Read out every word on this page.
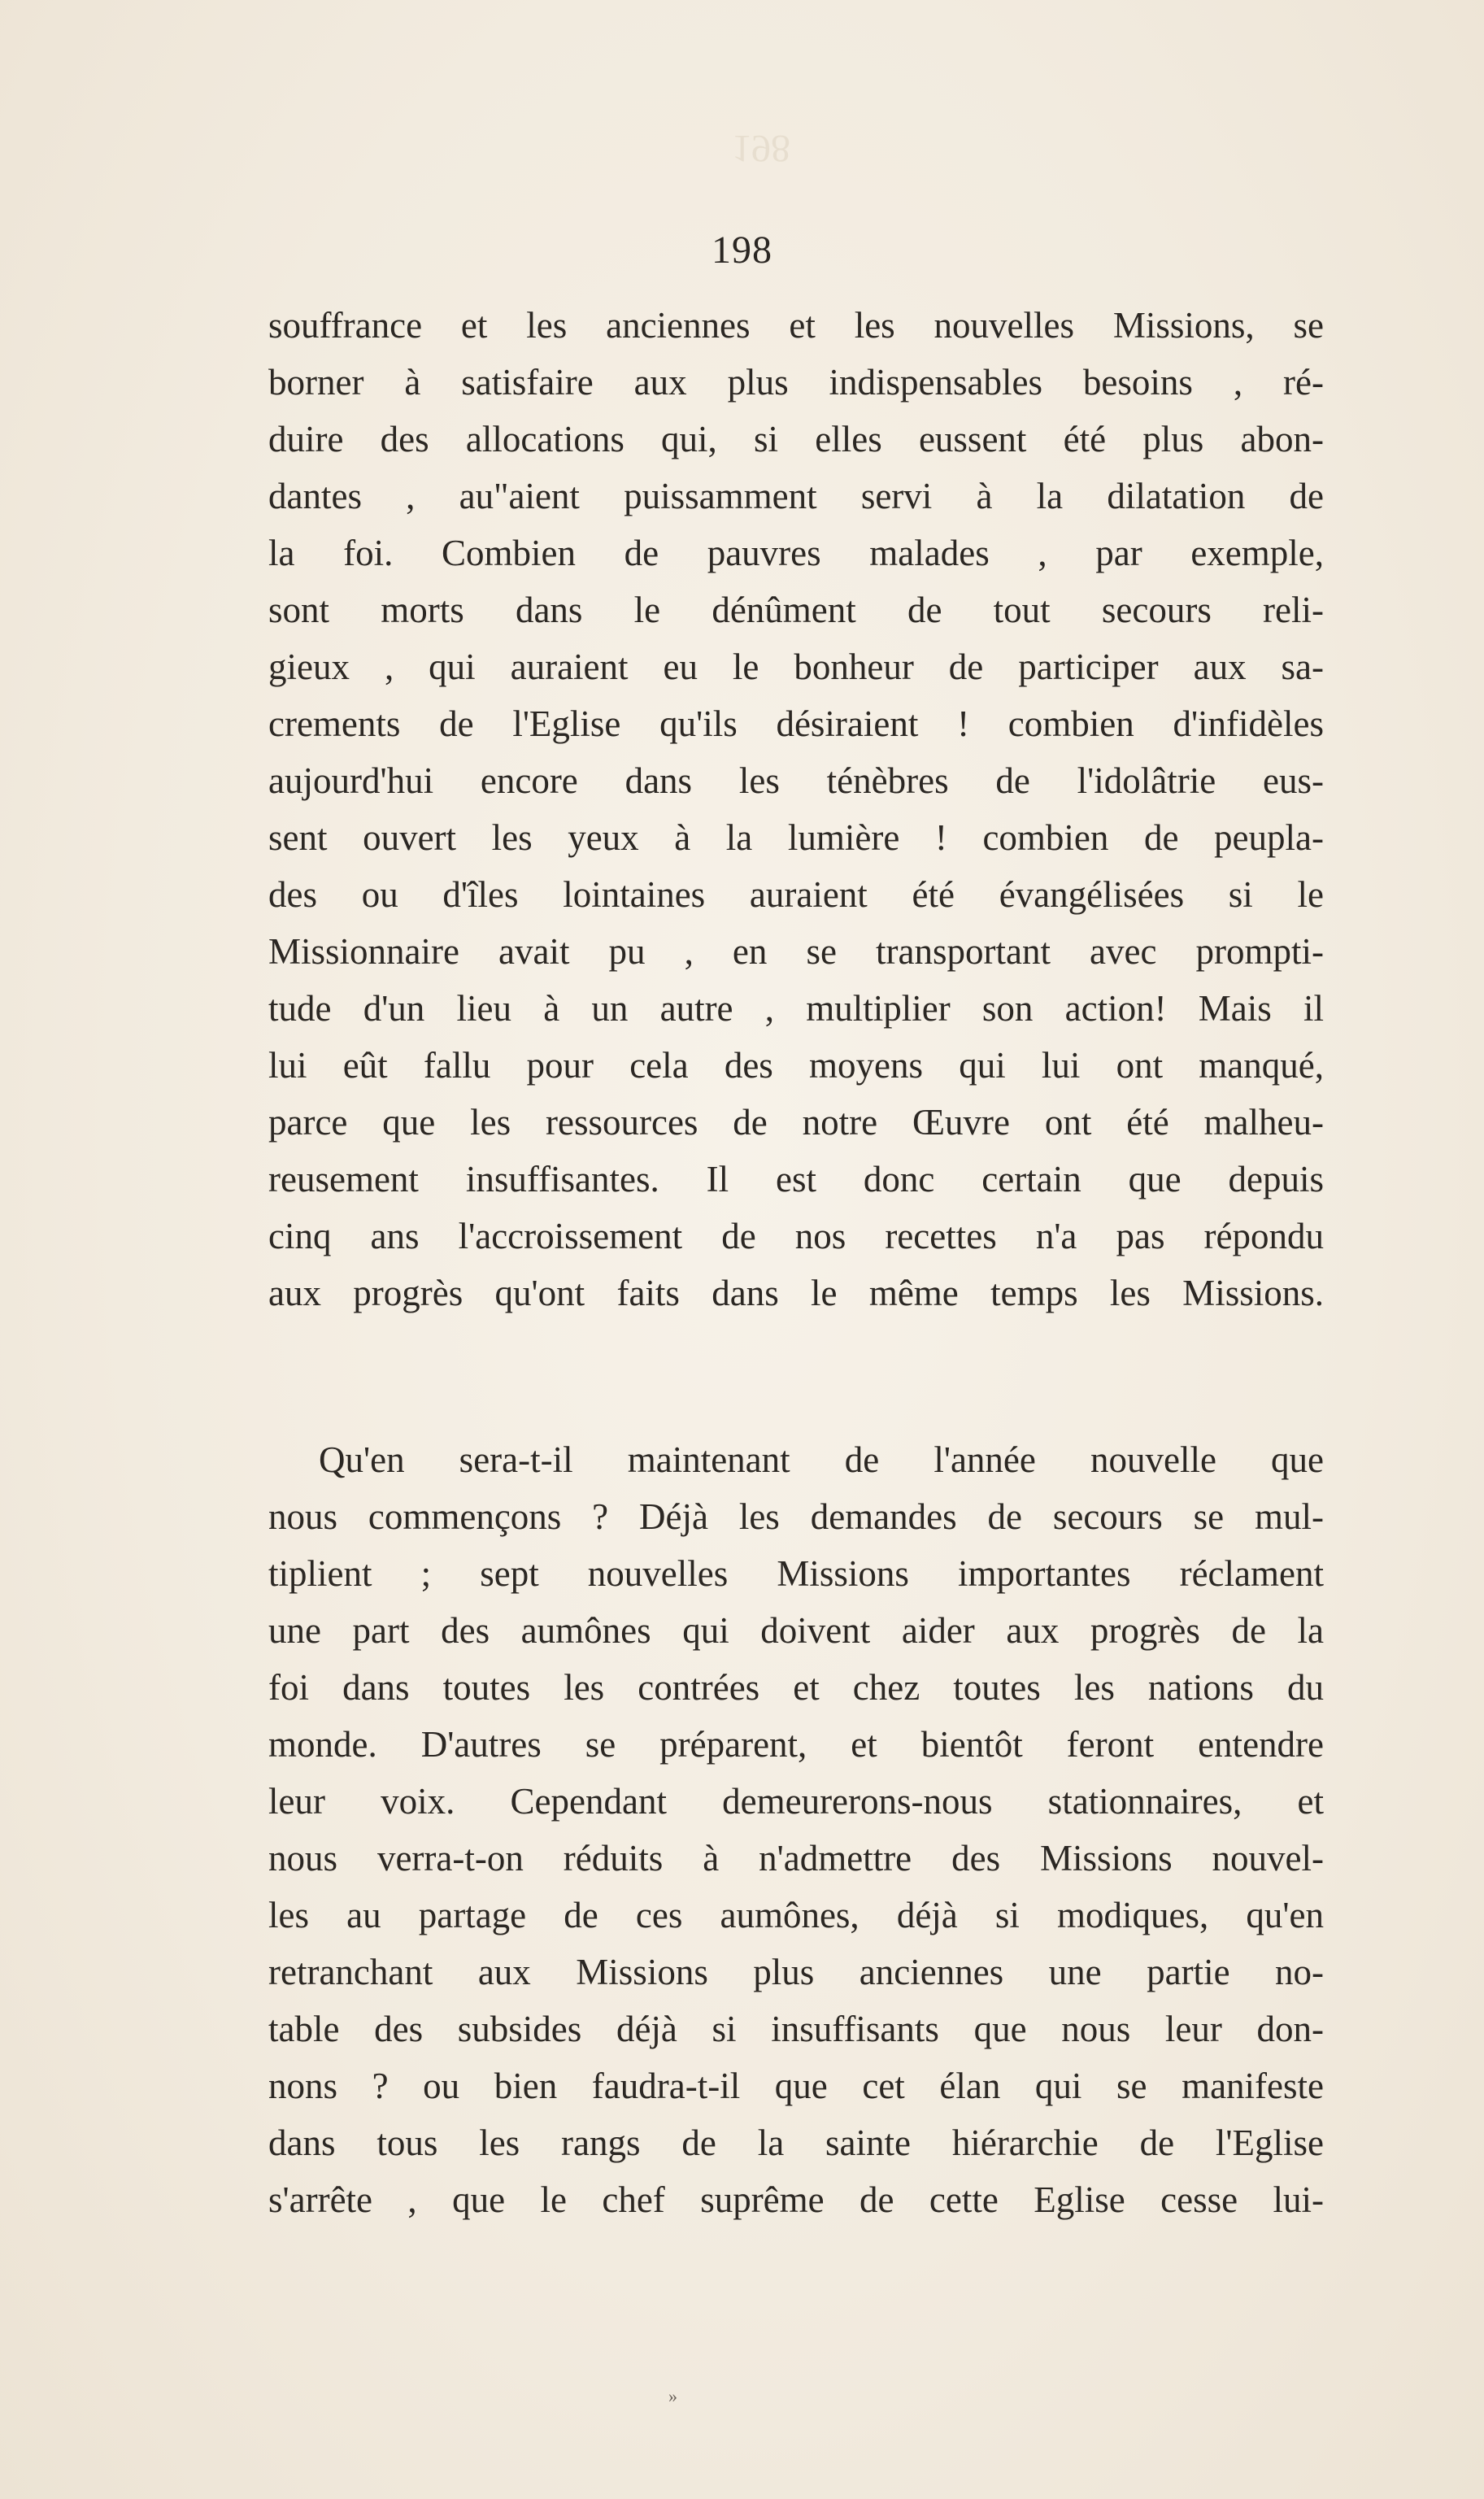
198
198
souffrance et les anciennes et les nouvelles Missions, se
borner à satisfaire aux plus indispensables besoins , ré-
duire des allocations qui, si elles eussent été plus abon-
dantes , au"aient puissamment servi à la dilatation de
la foi. Combien de pauvres malades , par exemple,
sont morts dans le dénûment de tout secours reli-
gieux , qui auraient eu le bonheur de participer aux sa-
crements de l'Eglise qu'ils désiraient ! combien d'infidèles
aujourd'hui encore dans les ténèbres de l'idolâtrie eus-
sent ouvert les yeux à la lumière ! combien de peupla-
des ou d'îles lointaines auraient été évangélisées si le
Missionnaire avait pu , en se transportant avec prompti-
tude d'un lieu à un autre , multiplier son action! Mais il
lui eût fallu pour cela des moyens qui lui ont manqué,
parce que les ressources de notre Œuvre ont été malheu-
reusement insuffisantes. Il est donc certain que depuis
cinq ans l'accroissement de nos recettes n'a pas répondu
aux progrès qu'ont faits dans le même temps les Missions.
Qu'en sera-t-il maintenant de l'année nouvelle que
nous commençons ? Déjà les demandes de secours se mul-
tiplient ; sept nouvelles Missions importantes réclament
une part des aumônes qui doivent aider aux progrès de la
foi dans toutes les contrées et chez toutes les nations du
monde. D'autres se préparent, et bientôt feront entendre
leur voix. Cependant demeurerons-nous stationnaires, et
nous verra-t-on réduits à n'admettre des Missions nouvel-
les au partage de ces aumônes, déjà si modiques, qu'en
retranchant aux Missions plus anciennes une partie no-
table des subsides déjà si insuffisants que nous leur don-
nons ? ou bien faudra-t-il que cet élan qui se manifeste
dans tous les rangs de la sainte hiérarchie de l'Eglise
s'arrête , que le chef suprême de cette Eglise cesse lui-
»
